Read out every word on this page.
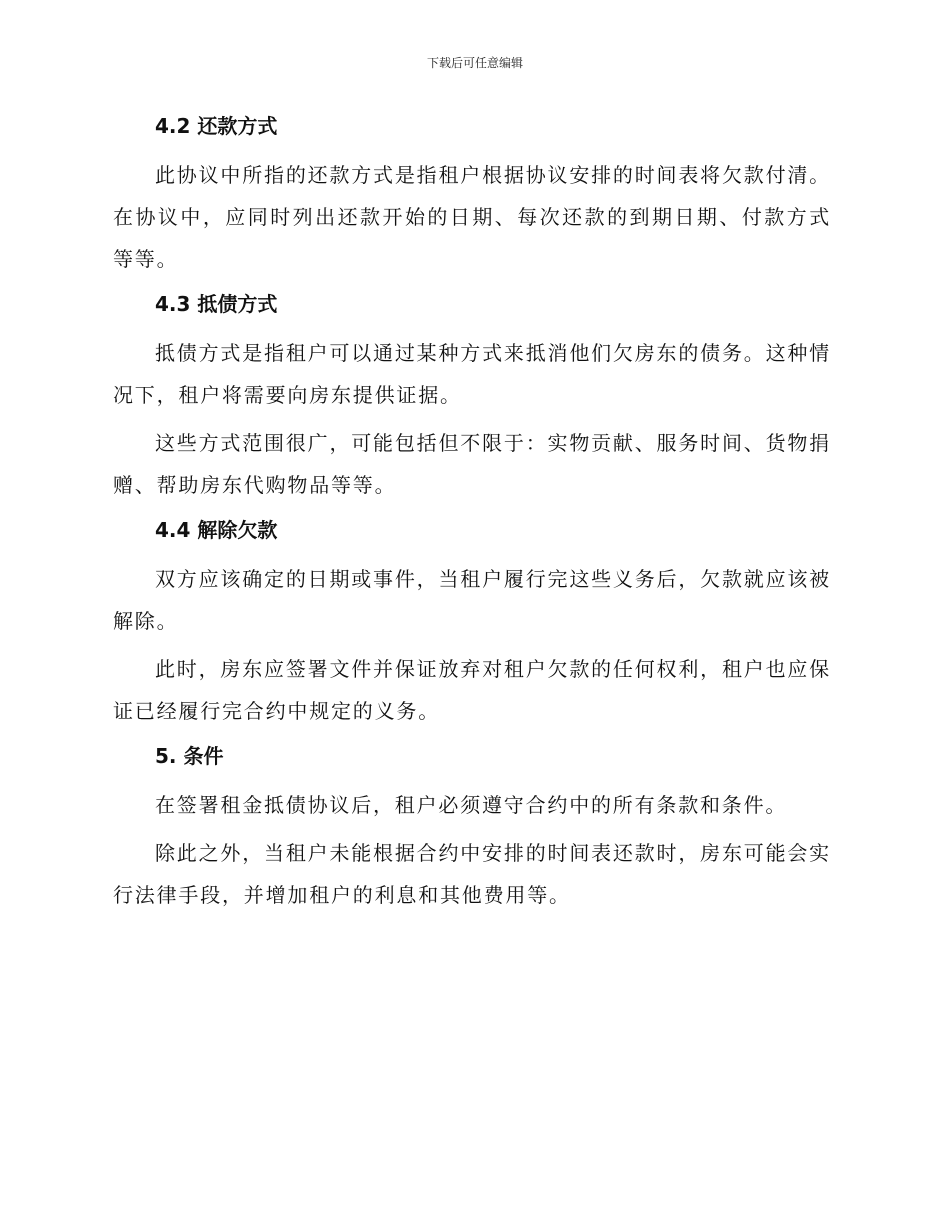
下载后可任意编辑
4.2 还款方式

此协议中所指的还款方式是指租户根据协议安排的时间表将欠款付清。在协议中，应同时列出还款开始的日期、每次还款的到期日期、付款方式等等。

4.3 抵债方式

抵债方式是指租户可以通过某种方式来抵消他们欠房东的债务。这种情况下，租户将需要向房东提供证据。

这些方式范围很广，可能包括但不限于：实物贡献、服务时间、货物捐赠、帮助房东代购物品等等。

4.4 解除欠款

双方应该确定的日期或事件，当租户履行完这些义务后，欠款就应该被解除。

此时，房东应签署文件并保证放弃对租户欠款的任何权利，租户也应保证已经履行完合约中规定的义务。

5. 条件

在签署租金抵债协议后，租户必须遵守合约中的所有条款和条件。

除此之外，当租户未能根据合约中安排的时间表还款时，房东可能会实行法律手段，并增加租户的利息和其他费用等。
